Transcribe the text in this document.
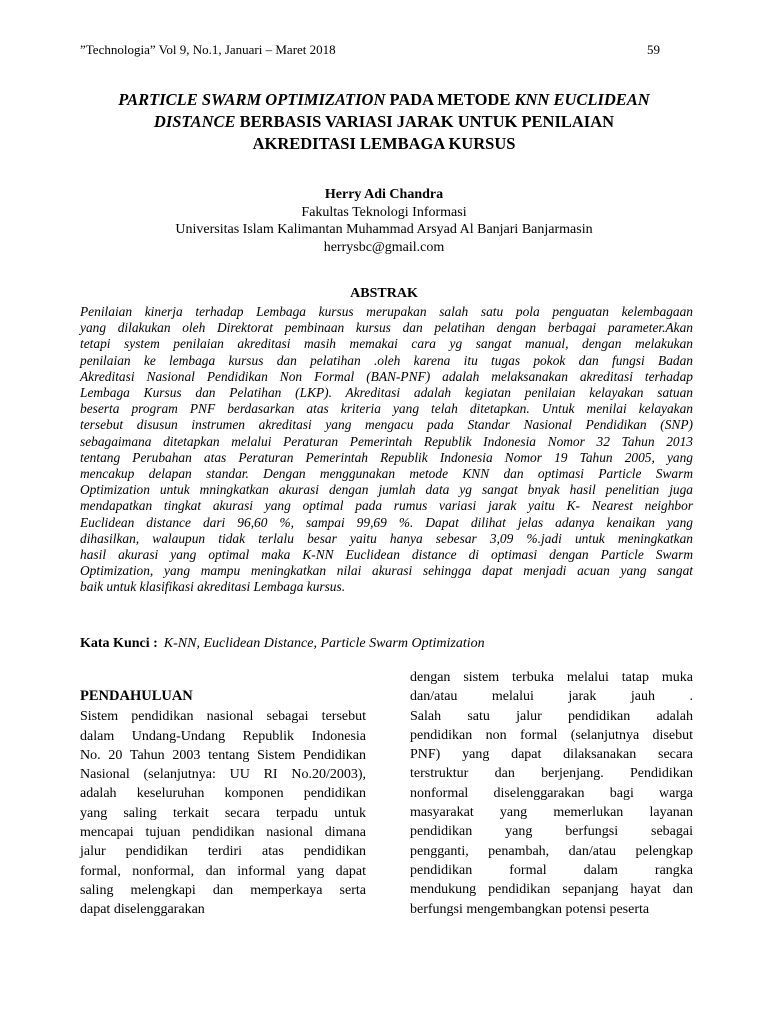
”Technologia” Vol 9, No.1, Januari – Maret 2018	59
PARTICLE SWARM OPTIMIZATION PADA METODE KNN EUCLIDEAN
DISTANCE BERBASIS VARIASI JARAK UNTUK PENILAIAN
AKREDITASI LEMBAGA KURSUS
Herry Adi Chandra
Fakultas Teknologi Informasi
Universitas Islam Kalimantan Muhammad Arsyad Al Banjari Banjarmasin
herrysbc@gmail.com
ABSTRAK
Penilaian kinerja terhadap Lembaga kursus merupakan salah satu pola penguatan kelembagaan
yang dilakukan oleh Direktorat pembinaan kursus dan pelatihan dengan berbagai parameter.Akan
tetapi system penilaian akreditasi masih memakai cara yg sangat manual, dengan melakukan
penilaian ke lembaga kursus dan pelatihan .oleh karena itu tugas pokok dan fungsi Badan
Akreditasi Nasional Pendidikan Non Formal (BAN-PNF) adalah melaksanakan akreditasi terhadap
Lembaga Kursus dan Pelatihan (LKP). Akreditasi adalah kegiatan penilaian kelayakan satuan
beserta program PNF berdasarkan atas kriteria yang telah ditetapkan. Untuk menilai kelayakan
tersebut disusun instrumen akreditasi yang mengacu pada Standar Nasional Pendidikan (SNP)
sebagaimana ditetapkan melalui Peraturan Pemerintah Republik Indonesia Nomor 32 Tahun 2013
tentang Perubahan atas Peraturan Pemerintah Republik Indonesia Nomor 19 Tahun 2005, yang
mencakup delapan standar. Dengan menggunakan metode KNN dan optimasi Particle Swarm
Optimization untuk mningkatkan akurasi dengan jumlah data yg sangat bnyak hasil penelitian juga
mendapatkan tingkat akurasi yang optimal pada rumus variasi jarak yaitu K- Nearest neighbor
Euclidean distance dari 96,60 %, sampai 99,69 %. Dapat dilihat jelas adanya kenaikan yang
dihasilkan, walaupun tidak terlalu besar yaitu hanya sebesar 3,09 %.jadi untuk meningkatkan
hasil akurasi yang optimal maka K-NN Euclidean distance di optimasi dengan Particle Swarm
Optimization, yang mampu meningkatkan nilai akurasi sehingga dapat menjadi acuan yang sangat
baik untuk klasifikasi akreditasi Lembaga kursus.
Kata Kunci : K-NN, Euclidean Distance, Particle Swarm Optimization
PENDAHULUAN
Sistem pendidikan nasional sebagai tersebut
dalam Undang-Undang Republik Indonesia
No. 20 Tahun 2003 tentang Sistem Pendidikan
Nasional (selanjutnya: UU RI No.20/2003),
adalah keseluruhan komponen pendidikan
yang saling terkait secara terpadu untuk
mencapai tujuan pendidikan nasional dimana
jalur pendidikan terdiri atas pendidikan
formal, nonformal, dan informal yang dapat
saling melengkapi dan memperkaya serta
dapat diselenggarakan
dengan sistem terbuka melalui tatap muka
dan/atau melalui jarak jauh .
Salah satu jalur pendidikan adalah
pendidikan non formal (selanjutnya disebut
PNF) yang dapat dilaksanakan secara
terstruktur dan berjenjang. Pendidikan
nonformal diselenggarakan bagi warga
masyarakat yang memerlukan layanan
pendidikan yang berfungsi sebagai
pengganti, penambah, dan/atau pelengkap
pendidikan formal dalam rangka
mendukung pendidikan sepanjang hayat dan
berfungsi mengembangkan potensi peserta
